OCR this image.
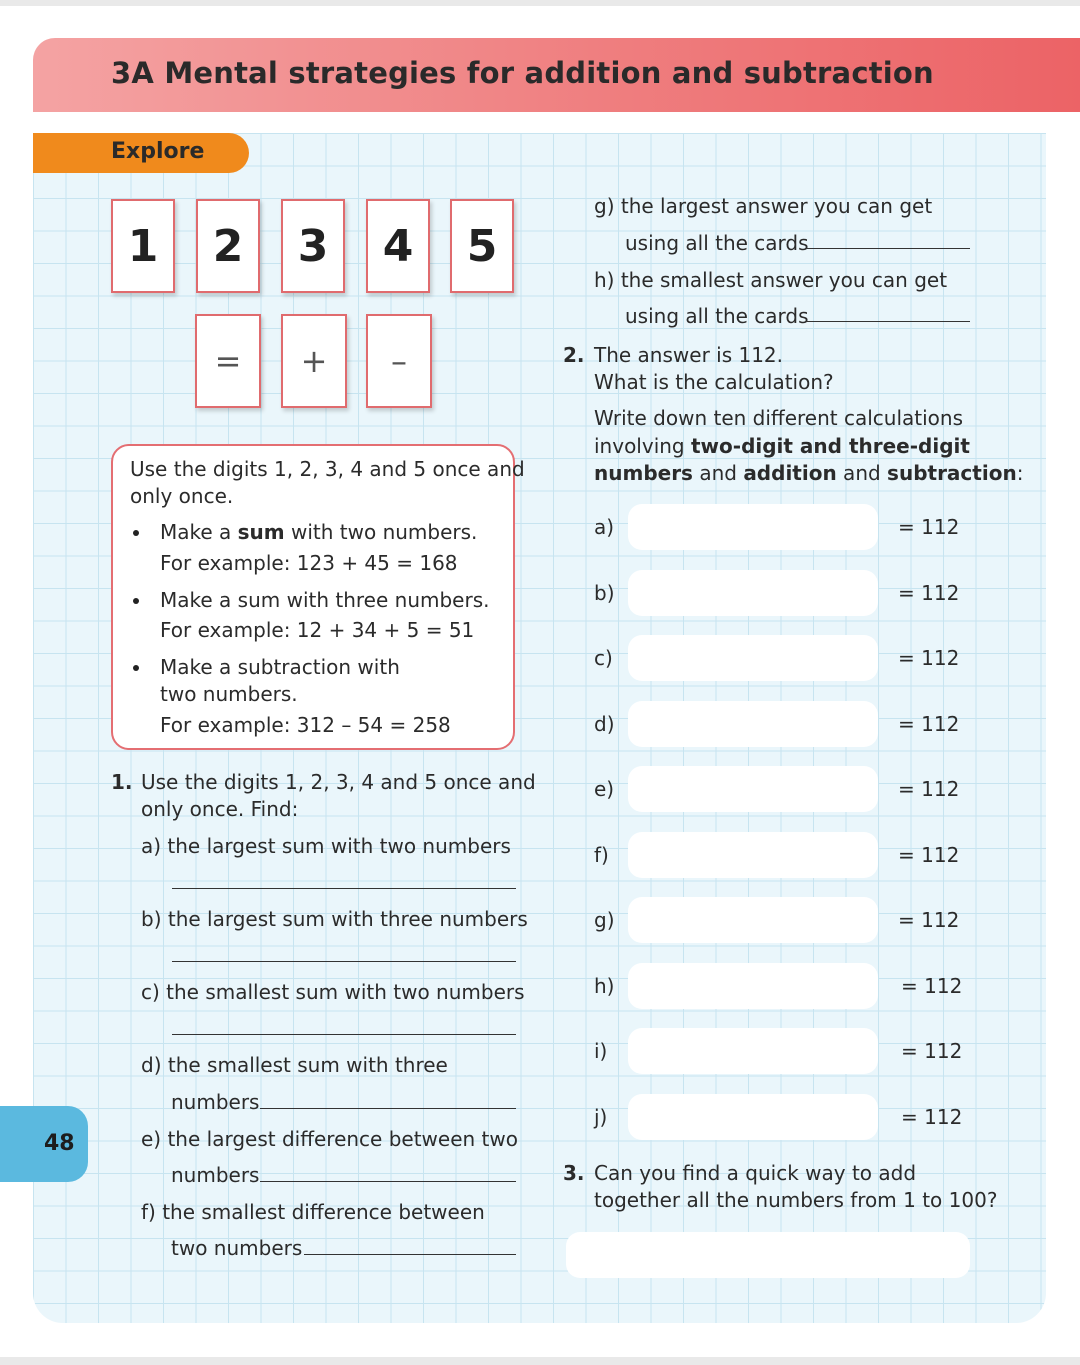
3A Mental strategies for addition and subtraction
Explore
1	2	3	4	5
=	+	–
Use the digits 1, 2, 3, 4 and 5 once and
only once.
Make a sum with two numbers.
For example: 123 + 45 = 168
Make a sum with three numbers.
For example: 12 + 34 + 5 = 51
Make a subtraction with
two numbers.
For example: 312 – 54 = 258
1. Use the digits 1, 2, 3, 4 and 5 once and
only once. Find:
a) the largest sum with two numbers
b) the largest sum with three numbers
c) the smallest sum with two numbers
d) the smallest sum with three
numbers
e) the largest difference between two
numbers
f) the smallest difference between
two numbers
g) the largest answer you can get
using all the cards
h) the smallest answer you can get
using all the cards
2. The answer is 112.
What is the calculation?
Write down ten different calculations
involving two-digit and three-digit
numbers and addition and subtraction:
a)	= 112
b)	= 112
c)	= 112
d)	= 112
e)	= 112
f)	= 112
g)	= 112
h)	= 112
i)	= 112
j)	= 112
3. Can you find a quick way to add
together all the numbers from 1 to 100?
48
